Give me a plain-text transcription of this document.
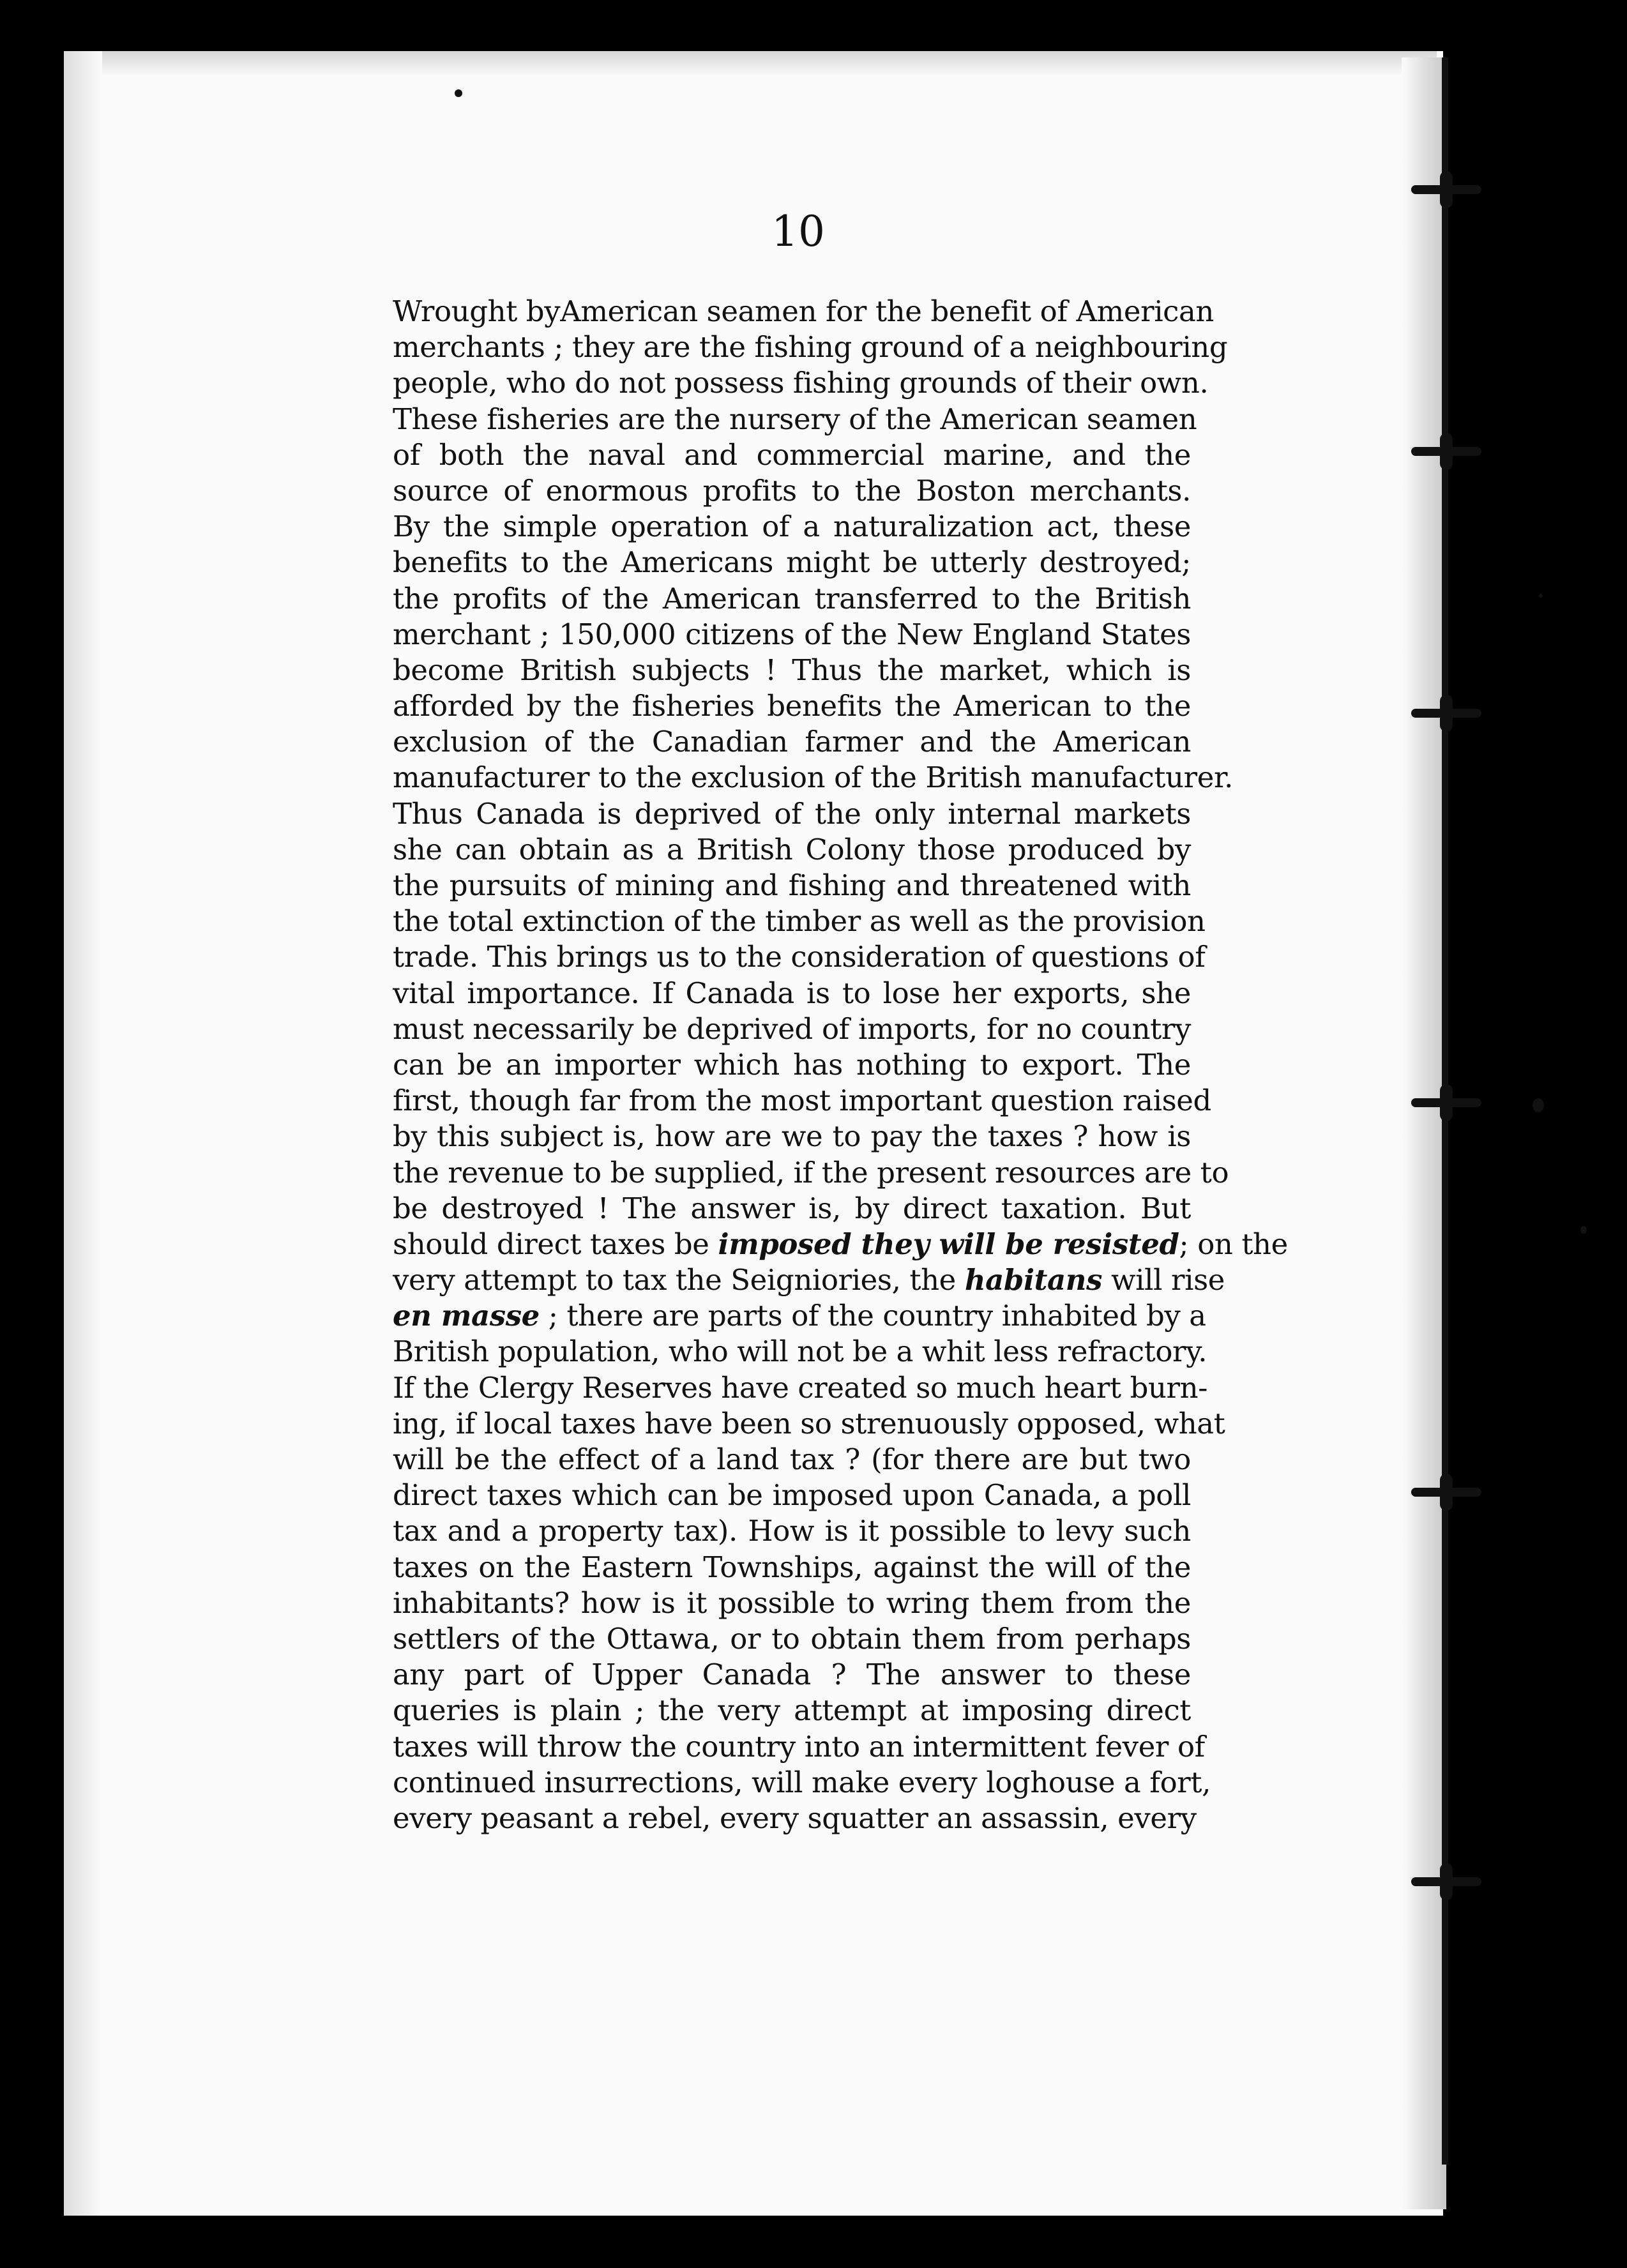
10
Wrought byAmerican seamen for the benefit of American
merchants ; they are the fishing ground of a neighbouring
people, who do not possess fishing grounds of their own.
These fisheries are the nursery of the American seamen
of both the naval and commercial marine, and the
source of enormous profits to the Boston merchants.
By the simple operation of a naturalization act, these
benefits to the Americans might be utterly destroyed;
the profits of the American transferred to the British
merchant ; 150,000 citizens of the New England States
become British subjects ! Thus the market, which is
afforded by the fisheries benefits the American to the
exclusion of the Canadian farmer and the American
manufacturer to the exclusion of the British manufacturer.
Thus Canada is deprived of the only internal markets
she can obtain as a British Colony those produced by
the pursuits of mining and fishing and threatened with
the total extinction of the timber as well as the provision
trade. This brings us to the consideration of questions of
vital importance. If Canada is to lose her exports, she
must necessarily be deprived of imports, for no country
can be an importer which has nothing to export. The
first, though far from the most important question raised
by this subject is, how are we to pay the taxes ? how is
the revenue to be supplied, if the present resources are to
be destroyed ! The answer is, by direct taxation. But
should direct taxes be imposed they will be resisted; on the
very attempt to tax the Seigniories, the habitans will rise
en masse ; there are parts of the country inhabited by a
British population, who will not be a whit less refractory.
If the Clergy Reserves have created so much heart burn-
ing, if local taxes have been so strenuously opposed, what
will be the effect of a land tax ? (for there are but two
direct taxes which can be imposed upon Canada, a poll
tax and a property tax). How is it possible to levy such
taxes on the Eastern Townships, against the will of the
inhabitants? how is it possible to wring them from the
settlers of the Ottawa, or to obtain them from perhaps
any part of Upper Canada ? The answer to these
queries is plain ; the very attempt at imposing direct
taxes will throw the country into an intermittent fever of
continued insurrections, will make every loghouse a fort,
every peasant a rebel, every squatter an assassin, every
